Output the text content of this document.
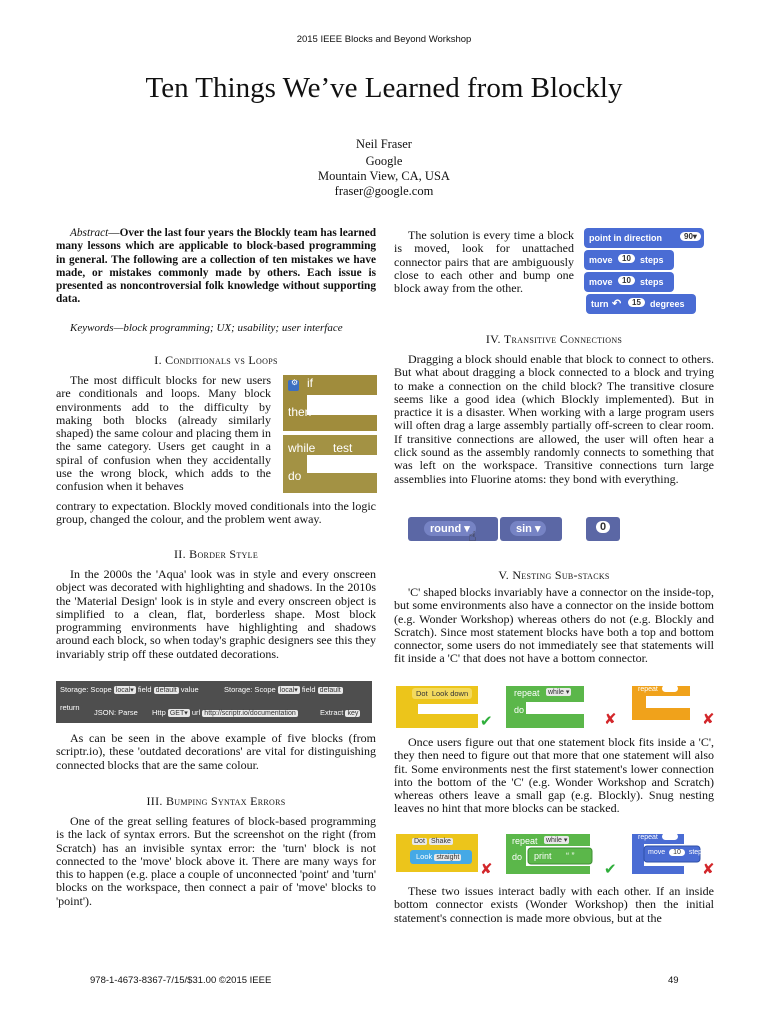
2015 IEEE Blocks and Beyond Workshop
Ten Things We’ve Learned from Blockly
Neil Fraser
Google
Mountain View, CA, USA
fraser@google.com
Abstract—Over the last four years the Blockly team has learned many lessons which are applicable to block-based programming in general. The following are a collection of ten mistakes we have made, or mistakes commonly made by others. Each issue is presented as noncontroversial folk knowledge without supporting data.
Keywords—block programming; UX; usability; user interface
I. Conditionals vs Loops
The most difficult blocks for new users are conditionals and loops. Many block environments add to the difficulty by making both blocks (already similarly shaped) the same colour and placing them in the same category. Users get caught in a spiral of confusion when they accidentally use the wrong block, which adds to the confusion when it behaves
contrary to expectation. Blockly moved conditionals into the logic group, changed the colour, and the problem went away.
⚙ if
then
while test
do
II. Border Style
In the 2000s the 'Aqua' look was in style and every onscreen object was decorated with highlighting and shadows. In the 2010s the 'Material Design' look is in style and every onscreen object is simplified to a clean, flat, borderless shape. Most block programming environments have highlighting and shadows around each block, so when today's graphic designers see this they invariably strip off these outdated decorations.
Storage: Scope local▾ field default value	Storage: Scope local▾ field default
return
JSON: Parse Http GET▾ url http://scriptr.io/documentation	Extract key
As can be seen in the above example of five blocks (from scriptr.io), these 'outdated decorations' are vital for distinguishing connected blocks that are the same colour.
III. Bumping Syntax Errors
One of the great selling features of block-based programming is the lack of syntax errors. But the screenshot on the right (from Scratch) has an invisible syntax error: the 'turn' block is not connected to the 'move' block above it. There are many ways for this to happen (e.g. place a couple of unconnected 'point' and 'turn' blocks on the workspace, then connect a pair of 'move' blocks to 'point').
The solution is every time a block is moved, look for unattached connector pairs that are ambiguously close to each other and bump one block away from the other.
point in direction	90▾
move	10	steps
move	10	steps
turn ↶	15	degrees
IV. Transitive Connections
Dragging a block should enable that block to connect to others. But what about dragging a block connected to a block and trying to make a connection on the child block? The transitive closure seems like a good idea (which Blockly implemented). But in practice it is a disaster. When working with a large program users will often drag a large assembly partially off-screen to clear room. If transitive connections are allowed, the user will often hear a click sound as the assembly randomly connects to something that was left on the workspace. Transitive connections turn large assemblies into Fluorine atoms: they bond with everything.
round ▾	sin ▾	0
☝
V. Nesting Sub-stacks
'C' shaped blocks invariably have a connector on the inside-top, but some environments also have a connector on the inside bottom (e.g. Wonder Workshop) whereas others do not (e.g. Blockly and Scratch). Since most statement blocks have both a top and bottom connector, some users do not immediately see that statements will fit inside a 'C' that does not have a bottom connector.
Dot Look down	repeat while ▾
do
repeat	10
✔	✘	✘
Once users figure out that one statement block fits inside a 'C', they then need to figure out that more that one statement will also fit. Some environments nest the first statement's lower connection into the bottom of the 'C' (e.g. Wonder Workshop and Scratch) whereas others leave a small gap (e.g. Blockly). Snug nesting leaves no hint that more blocks can be stacked.
Dot Shake
Look straight
repeat while ▾
do print “ ”
repeat	10
move 10 steps
✘	✔	✘
These two issues interact badly with each other. If an inside bottom connector exists (Wonder Workshop) then the initial statement's connection is made more obvious, but at the
978-1-4673-8367-7/15/$31.00 ©2015 IEEE	49
